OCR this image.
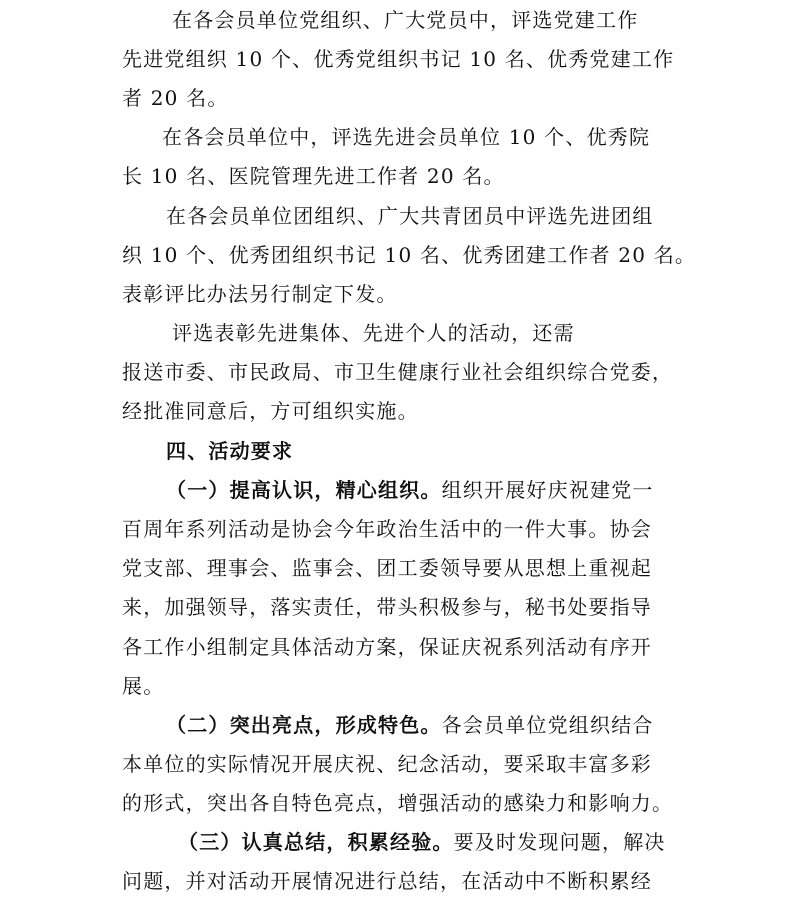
在各会员单位党组织、广大党员中，评选党建工作
先进党组织 10 个、优秀党组织书记 10 名、优秀党建工作
者 20 名。
在各会员单位中，评选先进会员单位 10 个、优秀院
长 10 名、医院管理先进工作者 20 名。
在各会员单位团组织、广大共青团员中评选先进团组
织 10 个、优秀团组织书记 10 名、优秀团建工作者 20 名。
表彰评比办法另行制定下发。
评选表彰先进集体、先进个人的活动，还需
报送市委、市民政局、市卫生健康行业社会组织综合党委，
经批准同意后，方可组织实施。
四、活动要求
（一）提高认识，精心组织。组织开展好庆祝建党一
百周年系列活动是协会今年政治生活中的一件大事。协会
党支部、理事会、监事会、团工委领导要从思想上重视起
来，加强领导，落实责任，带头积极参与，秘书处要指导
各工作小组制定具体活动方案，保证庆祝系列活动有序开
展。
（二）突出亮点，形成特色。各会员单位党组织结合
本单位的实际情况开展庆祝、纪念活动，要采取丰富多彩
的形式，突出各自特色亮点，增强活动的感染力和影响力。
（三）认真总结，积累经验。要及时发现问题，解决
问题，并对活动开展情况进行总结，在活动中不断积累经
